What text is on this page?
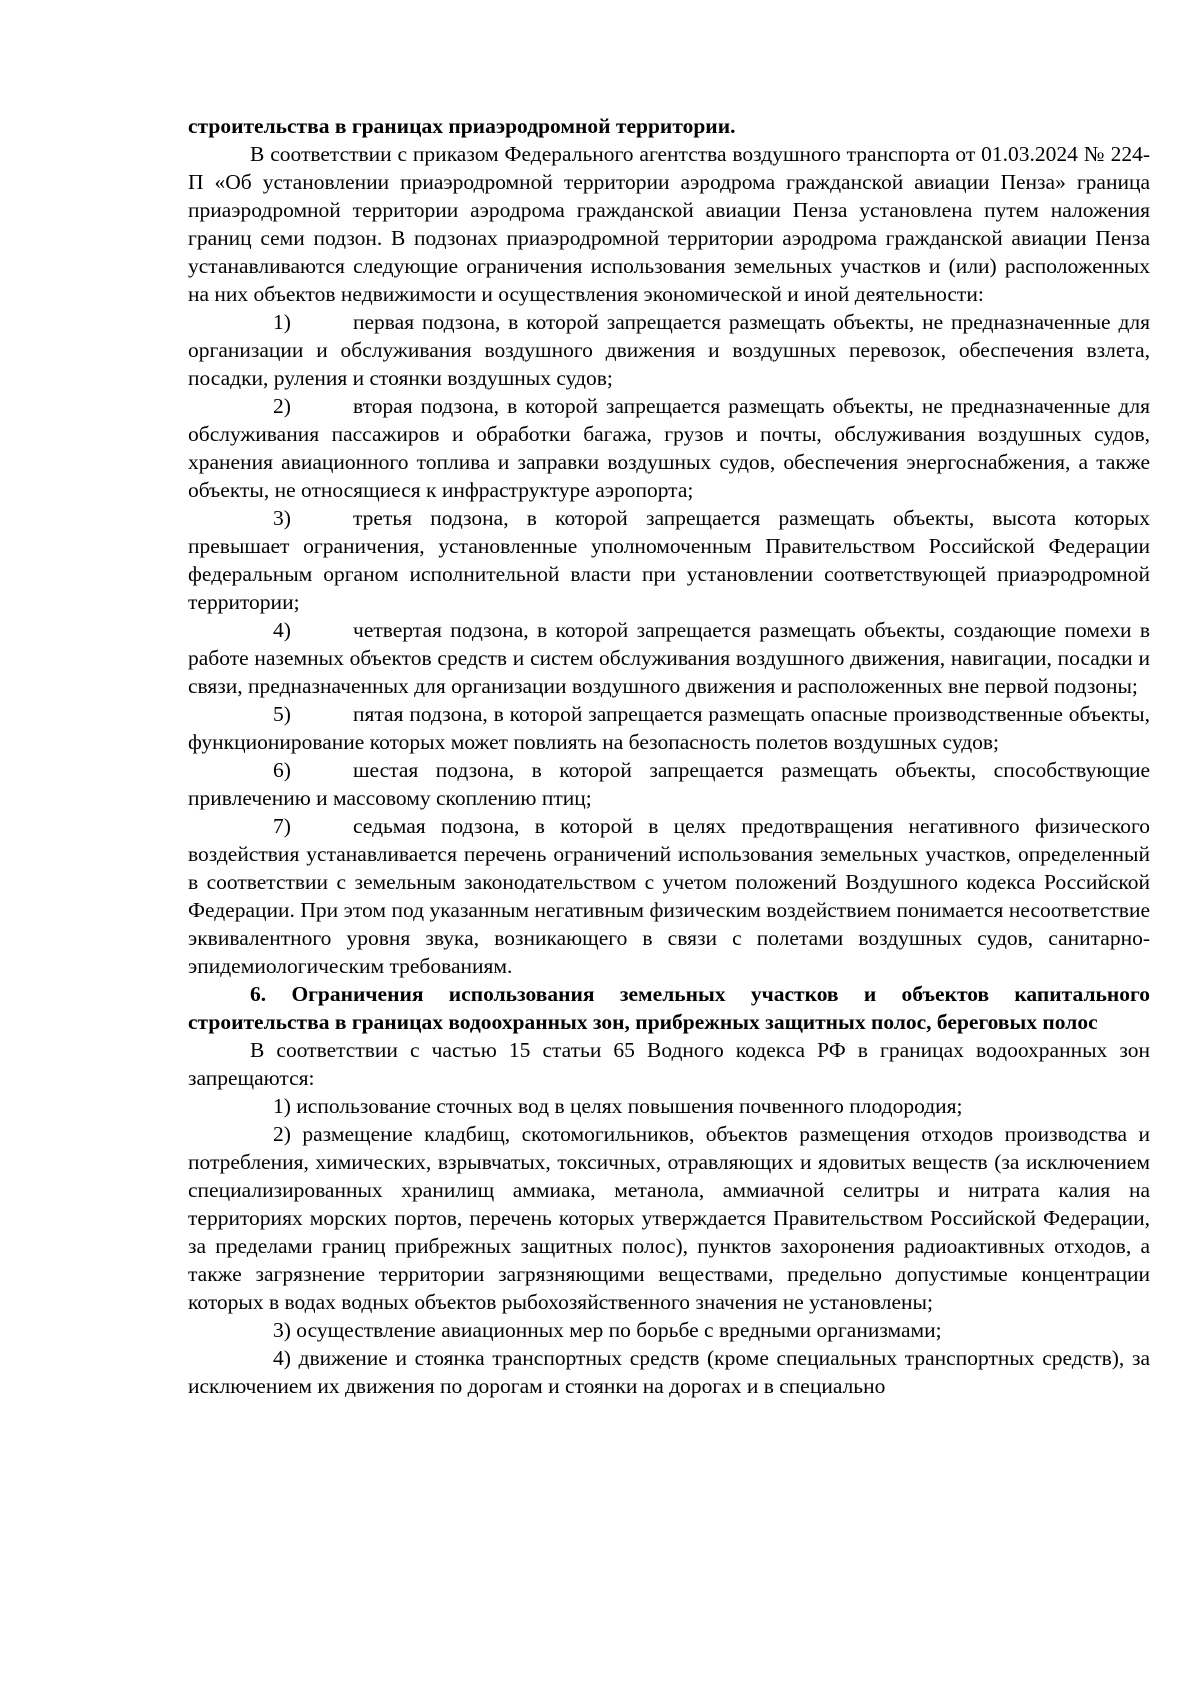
строительства в границах приаэродромной территории.

В соответствии с приказом Федерального агентства воздушного транспорта от 01.03.2024 № 224-П «Об установлении приаэродромной территории аэродрома гражданской авиации Пенза» граница приаэродромной территории аэродрома гражданской авиации Пенза установлена путем наложения границ семи подзон. В подзонах приаэродромной территории аэродрома гражданской авиации Пенза устанавливаются следующие ограничения использования земельных участков и (или) расположенных на них объектов недвижимости и осуществления экономической и иной деятельности:

1)	первая подзона, в которой запрещается размещать объекты, не предназначенные для организации и обслуживания воздушного движения и воздушных перевозок, обеспечения взлета, посадки, руления и стоянки воздушных судов;

2)	вторая подзона, в которой запрещается размещать объекты, не предназначенные для обслуживания пассажиров и обработки багажа, грузов и почты, обслуживания воздушных судов, хранения авиационного топлива и заправки воздушных судов, обеспечения энергоснабжения, а также объекты, не относящиеся к инфраструктуре аэропорта;

3)	третья подзона, в которой запрещается размещать объекты, высота которых превышает ограничения, установленные уполномоченным Правительством Российской Федерации федеральным органом исполнительной власти при установлении соответствующей приаэродромной территории;

4)	четвертая подзона, в которой запрещается размещать объекты, создающие помехи в работе наземных объектов средств и систем обслуживания воздушного движения, навигации, посадки и связи, предназначенных для организации воздушного движения и расположенных вне первой подзоны;

5)	пятая подзона, в которой запрещается размещать опасные производственные объекты, функционирование которых может повлиять на безопасность полетов воздушных судов;

6)	шестая подзона, в которой запрещается размещать объекты, способствующие привлечению и массовому скоплению птиц;

7)	седьмая подзона, в которой в целях предотвращения негативного физического воздействия устанавливается перечень ограничений использования земельных участков, определенный в соответствии с земельным законодательством с учетом положений Воздушного кодекса Российской Федерации. При этом под указанным негативным физическим воздействием понимается несоответствие эквивалентного уровня звука, возникающего в связи с полетами воздушных судов, санитарно-эпидемиологическим требованиям.

6. Ограничения использования земельных участков и объектов капитального строительства в границах водоохранных зон, прибрежных защитных полос, береговых полос

В соответствии с частью 15 статьи 65 Водного кодекса РФ в границах водоохранных зон запрещаются:

1) использование сточных вод в целях повышения почвенного плодородия;

2) размещение кладбищ, скотомогильников, объектов размещения отходов производства и потребления, химических, взрывчатых, токсичных, отравляющих и ядовитых веществ (за исключением специализированных хранилищ аммиака, метанола, аммиачной селитры и нитрата калия на территориях морских портов, перечень которых утверждается Правительством Российской Федерации, за пределами границ прибрежных защитных полос), пунктов захоронения радиоактивных отходов, а также загрязнение территории загрязняющими веществами, предельно допустимые концентрации которых в водах водных объектов рыбохозяйственного значения не установлены;

3) осуществление авиационных мер по борьбе с вредными организмами;

4) движение и стоянка транспортных средств (кроме специальных транспортных средств), за исключением их движения по дорогам и стоянки на дорогах и в специально
